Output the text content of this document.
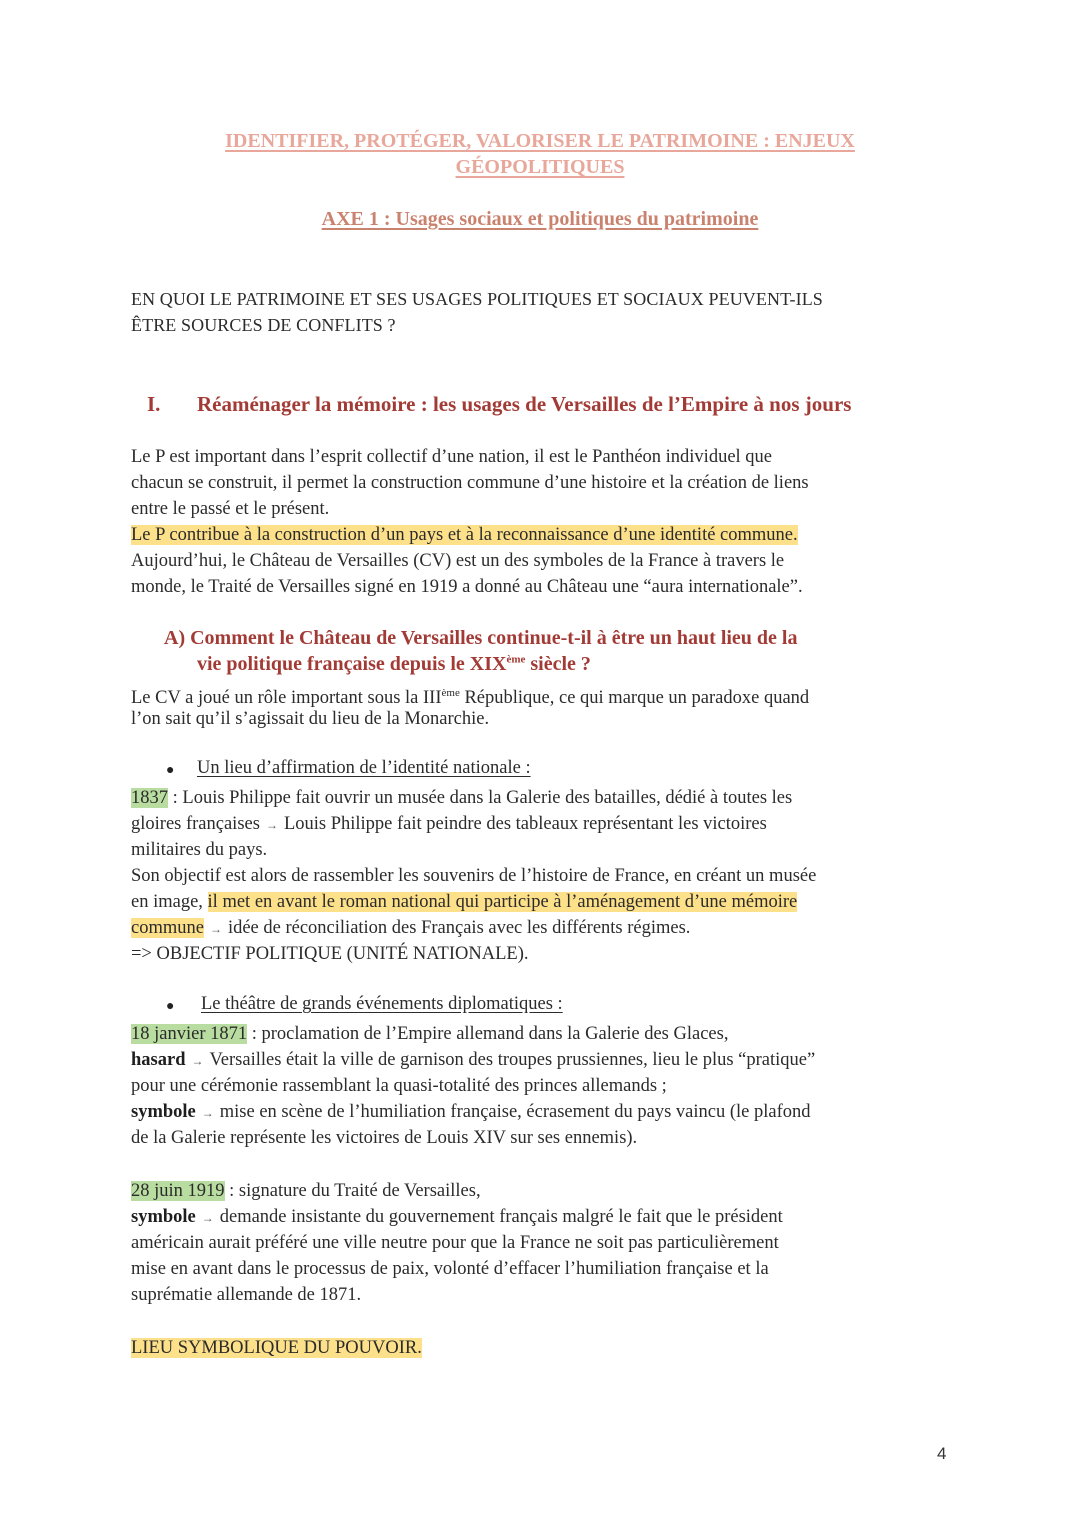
IDENTIFIER, PROTÉGER, VALORISER LE PATRIMOINE : ENJEUX
GÉOPOLITIQUES
AXE 1 : Usages sociaux et politiques du patrimoine
EN QUOI LE PATRIMOINE ET SES USAGES POLITIQUES ET SOCIAUX PEUVENT-ILS
ÊTRE SOURCES DE CONFLITS ?
I. Réaménager la mémoire : les usages de Versailles de l’Empire à nos jours
Le P est important dans l’esprit collectif d’une nation, il est le Panthéon individuel que
chacun se construit, il permet la construction commune d’une histoire et la création de liens
entre le passé et le présent.
Le P contribue à la construction d’un pays et à la reconnaissance d’une identité commune.
Aujourd’hui, le Château de Versailles (CV) est un des symboles de la France à travers le
monde, le Traité de Versailles signé en 1919 a donné au Château une “aura internationale”.
A) Comment le Château de Versailles continue-t-il à être un haut lieu de la
vie politique française depuis le XIXème siècle ?
Le CV a joué un rôle important sous la IIIème République, ce qui marque un paradoxe quand
l’on sait qu’il s’agissait du lieu de la Monarchie.
● Un lieu d’affirmation de l’identité nationale :
1837 : Louis Philippe fait ouvrir un musée dans la Galerie des batailles, dédié à toutes les
gloires françaises → Louis Philippe fait peindre des tableaux représentant les victoires
militaires du pays.
Son objectif est alors de rassembler les souvenirs de l’histoire de France, en créant un musée
en image, il met en avant le roman national qui participe à l’aménagement d’une mémoire
commune → idée de réconciliation des Français avec les différents régimes.
=> OBJECTIF POLITIQUE (UNITÉ NATIONALE).
● Le théâtre de grands événements diplomatiques :
18 janvier 1871 : proclamation de l’Empire allemand dans la Galerie des Glaces,
hasard → Versailles était la ville de garnison des troupes prussiennes, lieu le plus “pratique”
pour une cérémonie rassemblant la quasi-totalité des princes allemands ;
symbole → mise en scène de l’humiliation française, écrasement du pays vaincu (le plafond
de la Galerie représente les victoires de Louis XIV sur ses ennemis).
28 juin 1919 : signature du Traité de Versailles,
symbole → demande insistante du gouvernement français malgré le fait que le président
américain aurait préféré une ville neutre pour que la France ne soit pas particulièrement
mise en avant dans le processus de paix, volonté d’effacer l’humiliation française et la
suprématie allemande de 1871.
LIEU SYMBOLIQUE DU POUVOIR.
4
